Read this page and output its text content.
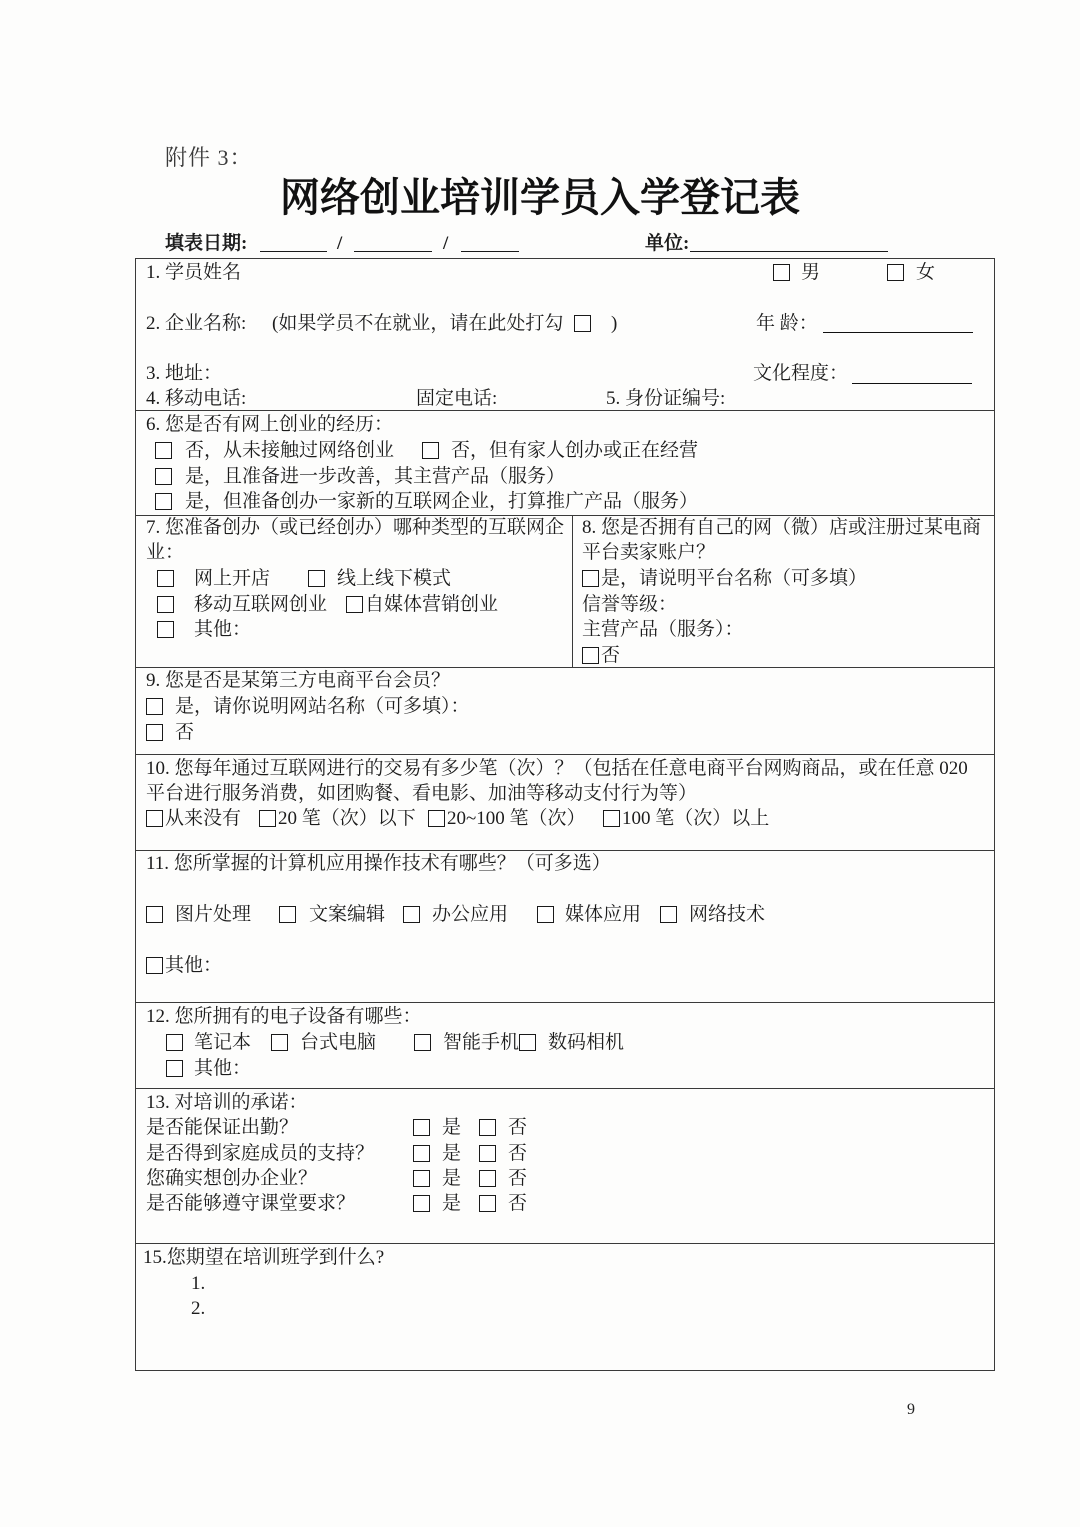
附件 3：
网络创业培训学员入学登记表
填表日期:	/	/	单位:
1. 学员姓名	男	女
2. 企业名称: (如果学员不在就业，请在此处打勾	)	年 龄：
3. 地址：	文化程度：
4. 移动电话:	固定电话:	5. 身份证编号:
6. 您是否有网上创业的经历：
否，从未接触过网络创业	否，但有家人创办或正在经营
是，且准备进一步改善，其主营产品（服务）
是，但准备创办一家新的互联网企业，打算推广产品（服务）
7. 您准备创办（或已经创办）哪种类型的互联网企
业：
网上开店	线上线下模式
移动互联网创业 自媒体营销创业
其他：
8. 您是否拥有自己的网（微）店或注册过某电商
平台卖家账户？
是，请说明平台名称（可多填）
信誉等级：
主营产品（服务）：
否
9. 您是否是某第三方电商平台会员？
是，请你说明网站名称（可多填）：
否
10. 您每年通过互联网进行的交易有多少笔（次）？（包括在任意电商平台网购商品，或在任意 020
平台进行服务消费，如团购餐、看电影、加油等移动支付行为等）
从来没有 20 笔（次）以下 20~100 笔（次） 100 笔（次）以上
11. 您所掌握的计算机应用操作技术有哪些？（可多选）
图片处理	文案编辑 办公应用	媒体应用	网络技术
其他：
12. 您所拥有的电子设备有哪些：
笔记本	台式电脑	智能手机 数码相机
其他：
13. 对培训的承诺：
是否能保证出勤？	是 否
是否得到家庭成员的支持？	是 否
您确实想创办企业？	是 否
是否能够遵守课堂要求？	是 否
15.您期望在培训班学到什么?
1.
2.
9
